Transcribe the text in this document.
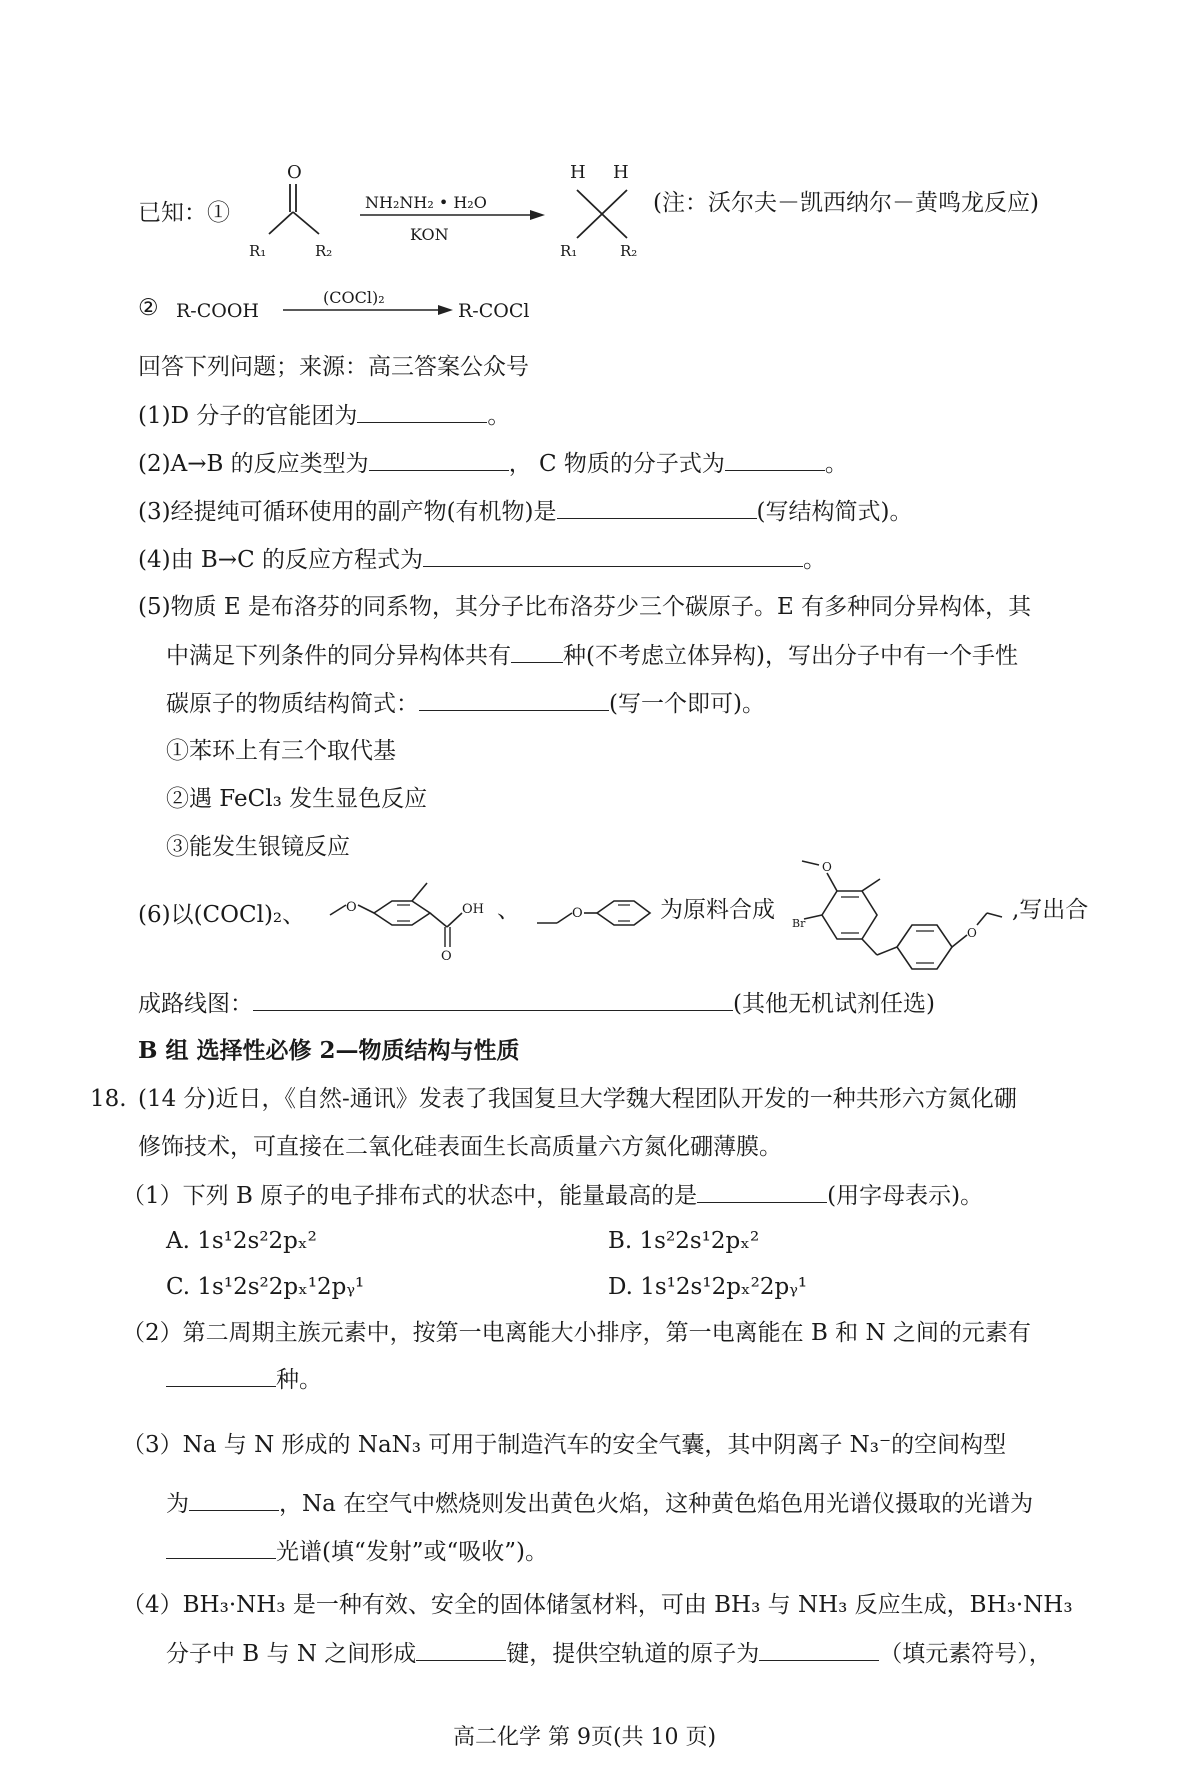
已知：①
O
R₁	R₂
NH₂NH₂ • H₂O
KON
H H
R₁	R₂
(注：沃尔夫－凯西纳尔－黄鸣龙反应)
② R-COOH
(COCl)₂
R-COCl
回答下列问题；来源：高三答案公众号
(1)D 分子的官能团为	。
(2)A→B 的反应类型为	， C 物质的分子式为	。
(3)经提纯可循环使用的副产物(有机物)是	(写结构简式)。
(4)由 B→C 的反应方程式为	。
(5)物质 E 是布洛芬的同系物，其分子比布洛芬少三个碳原子。E 有多种同分异构体，其
中满足下列条件的同分异构体共有 种(不考虑立体异构)，写出分子中有一个手性
碳原子的物质结构简式：	(写一个即可)。
①苯环上有三个取代基
②遇 FeCl₃ 发生显色反应
③能发生银镜反应
(6)以(COCl)₂、	O	OH
O
、	O	为原料合成
Br
O
O
,写出合
成路线图：	(其他无机试剂任选)
B 组 选择性必修 2—物质结构与性质
18. (14 分)近日，《自然-通讯》发表了我国复旦大学魏大程团队开发的一种共形六方氮化硼
修饰技术，可直接在二氧化硅表面生长高质量六方氮化硼薄膜。
（1）下列 B 原子的电子排布式的状态中，能量最高的是	(用字母表示)。
A. 1s¹2s²2pₓ²	B. 1s²2s¹2pₓ²
C. 1s¹2s²2pₓ¹2pᵧ¹	D. 1s¹2s¹2pₓ²2pᵧ¹
（2）第二周期主族元素中，按第一电离能大小排序，第一电离能在 B 和 N 之间的元素有
种。
（3）Na 与 N 形成的 NaN₃ 可用于制造汽车的安全气囊，其中阴离子 N₃⁻的空间构型
为	，Na 在空气中燃烧则发出黄色火焰，这种黄色焰色用光谱仪摄取的光谱为
光谱(填“发射”或“吸收”)。
（4）BH₃·NH₃ 是一种有效、安全的固体储氢材料，可由 BH₃ 与 NH₃ 反应生成，BH₃·NH₃
分子中 B 与 N 之间形成	键，提供空轨道的原子为	（填元素符号），
高二化学 第 9页(共 10 页)
